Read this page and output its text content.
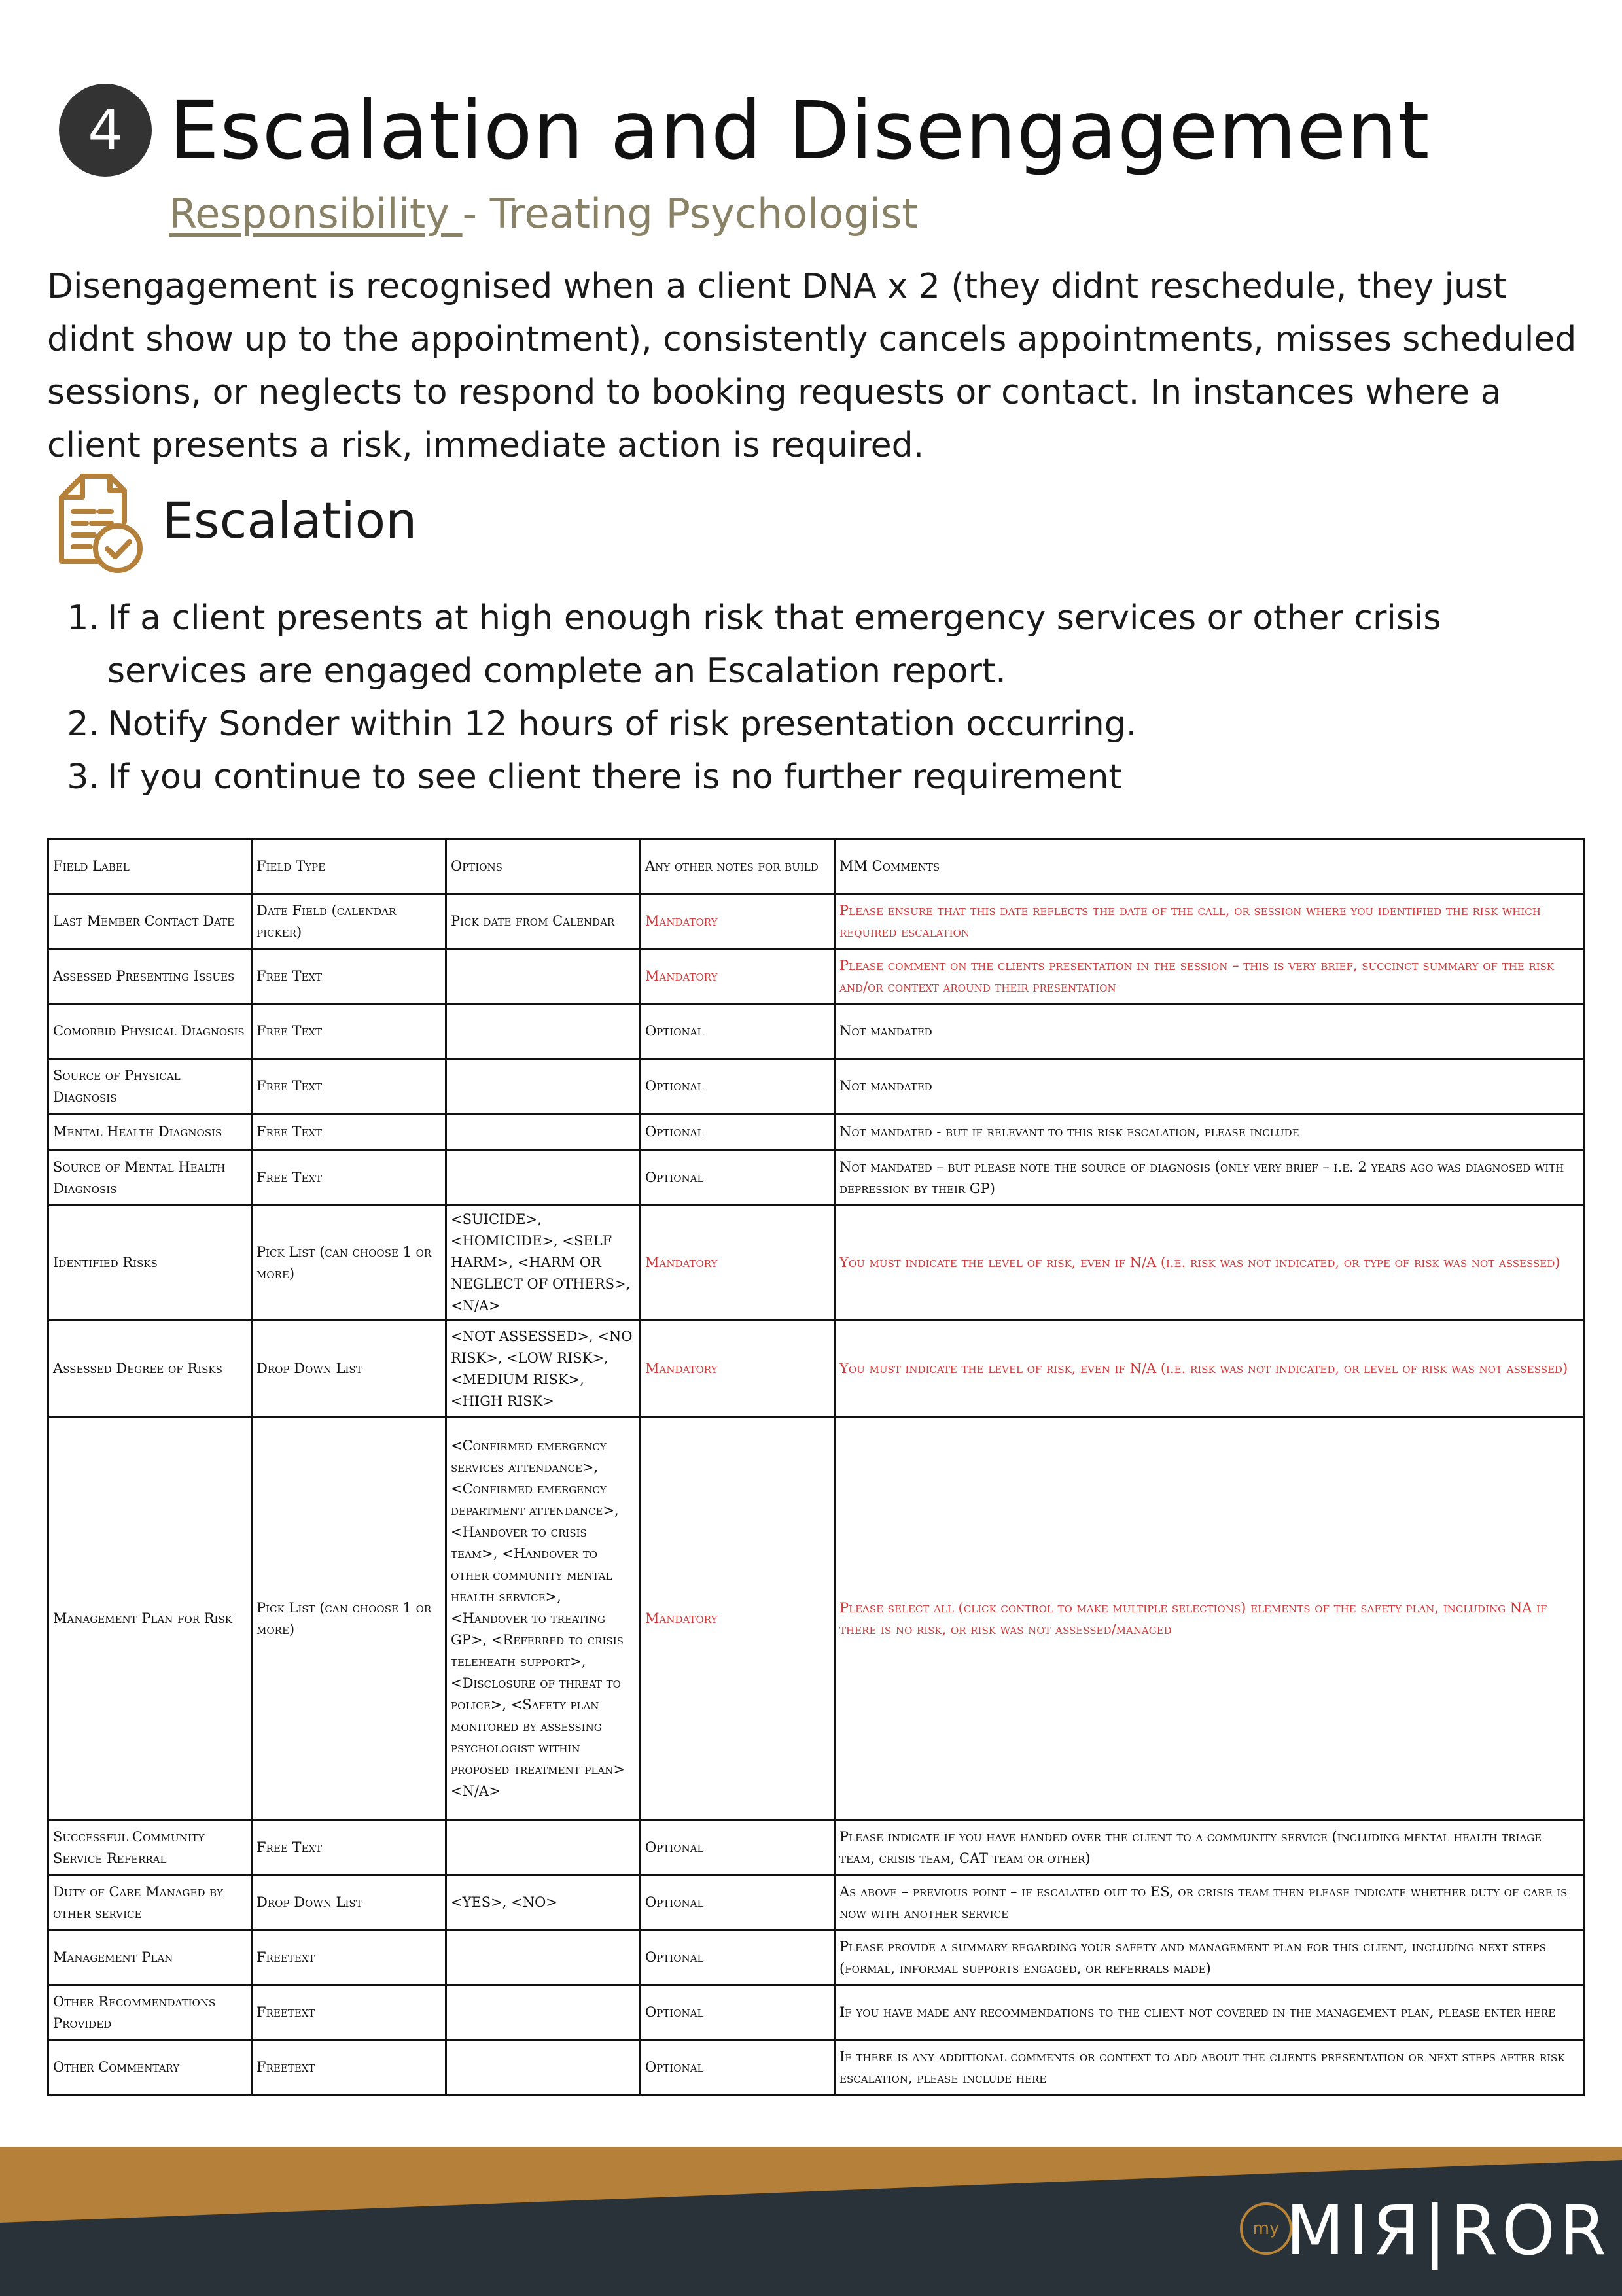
4 Escalation and Disengagement
Responsibility - Treating Psychologist

Disengagement is recognised when a client DNA x 2 (they didnt reschedule, they just didnt show up to the appointment), consistently cancels appointments, misses scheduled sessions, or neglects to respond to booking requests or contact. In instances where a client presents a risk, immediate action is required.

Escalation
1. If a client presents at high enough risk that emergency services or other crisis services are engaged complete an Escalation report.
2. Notify Sonder within 12 hours of risk presentation occurring.
3. If you continue to see client there is no further requirement
Field Label	Field Type	Options	Any other notes for build	MM Comments
Last Member Contact Date	Date Field (calendar picker)	Pick date from Calendar	Mandatory	Please ensure that this date reflects the date of the call, or session where you identified the risk which required escalation
Assessed Presenting Issues	Free Text		Mandatory	Please comment on the clients presentation in the session – this is very brief, succinct summary of the risk and/or context around their presentation
Comorbid Physical Diagnosis	Free Text		Optional	Not mandated
Source of Physical Diagnosis	Free Text		Optional	Not mandated
Mental Health Diagnosis	Free Text		Optional	Not mandated - but if relevant to this risk escalation, please include
Source of Mental Health Diagnosis	Free Text		Optional	Not mandated – but please note the source of diagnosis (only very brief – i.e. 2 years ago was diagnosed with depression by their GP)
Identified Risks	Pick List (can choose 1 or more)	<SUICIDE>, <HOMICIDE>, <SELF HARM>, <HARM OR NEGLECT OF OTHERS>, <N/A>	Mandatory	You must indicate the level of risk, even if N/A (i.e. risk was not indicated, or type of risk was not assessed)
Assessed Degree of Risks	Drop Down List	<NOT ASSESSED>, <NO RISK>, <LOW RISK>, <MEDIUM RISK>, <HIGH RISK>	Mandatory	You must indicate the level of risk, even if N/A (i.e. risk was not indicated, or level of risk was not assessed)
Management Plan for Risk	Pick List (can choose 1 or more)	<Confirmed emergency services attendance>, <Confirmed emergency department attendance>, <Handover to crisis team>, <Handover to other community mental health service>, <Handover to treating GP>, <Referred to crisis teleheath support>, <Disclosure of threat to police>, <Safety plan monitored by assessing psychologist within proposed treatment plan> <N/A>	Mandatory	Please select all (click control to make multiple selections) elements of the safety plan, including NA if there is no risk, or risk was not assessed/managed
Successful Community Service Referral	Free Text		Optional	Please indicate if you have handed over the client to a community service (including mental health triage team, crisis team, CAT team or other)
Duty of Care Managed by other service	Drop Down List	<YES>, <NO>	Optional	As above – previous point – if escalated out to ES, or crisis team then please indicate whether duty of care is now with another service
Management Plan	Freetext		Optional	Please provide a summary regarding your safety and management plan for this client, including next steps (formal, informal supports engaged, or referrals made)
Other Recommendations Provided	Freetext		Optional	If you have made any recommendations to the client not covered in the management plan, please enter here
Other Commentary	Freetext		Optional	If there is any additional comments or context to add about the clients presentation or next steps after risk escalation, please include here
my MIЯ|ROR
